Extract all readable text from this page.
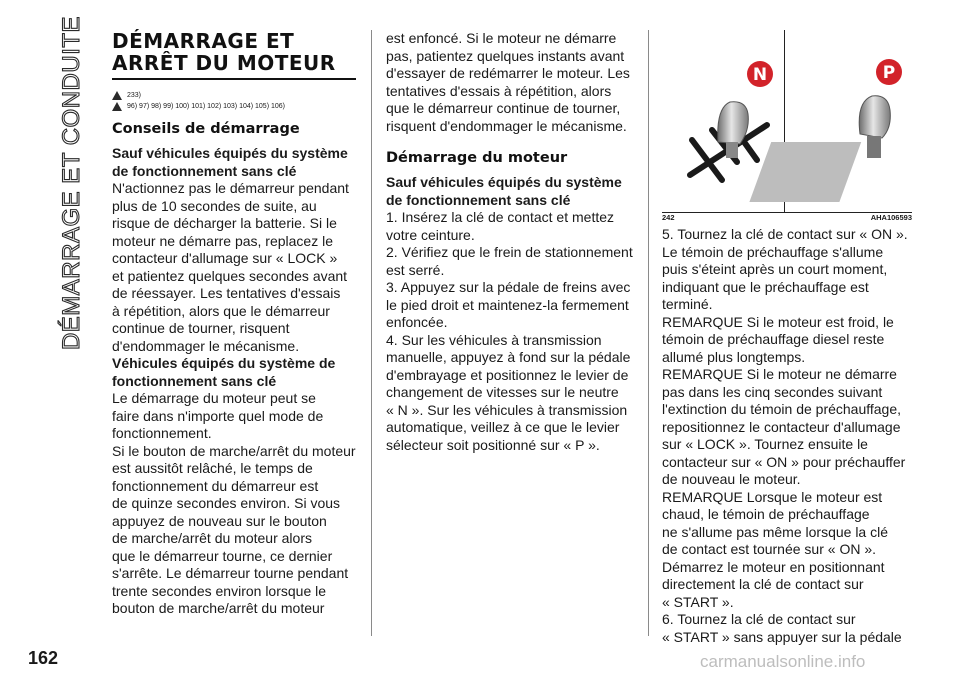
DÉMARRAGE ET CONDUITE DÉMARRAGE ET
ARRÊT DU MOTEUR
233)
96) 97) 98) 99) 100) 101) 102) 103) 104) 105) 106)
Conseils de démarrage
Sauf véhicules équipés du système
de fonctionnement sans clé

N'actionnez pas le démarreur pendant
plus de 10 secondes de suite, au
risque de décharger la batterie. Si le
moteur ne démarre pas, replacez le
contacteur d'allumage sur « LOCK »
et patientez quelques secondes avant
de réessayer. Les tentatives d'essais
à répétition, alors que le démarreur
continue de tourner, risquent
d'endommager le mécanisme.

Véhicules équipés du système de
fonctionnement sans clé

Le démarrage du moteur peut se
faire dans n'importe quel mode de
fonctionnement.

Si le bouton de marche/arrêt du moteur
est aussitôt relâché, le temps de
fonctionnement du démarreur est
de quinze secondes environ. Si vous
appuyez de nouveau sur le bouton
de marche/arrêt du moteur alors
que le démarreur tourne, ce dernier
s'arrête. Le démarreur tourne pendant
trente secondes environ lorsque le
bouton de marche/arrêt du moteur

est enfoncé. Si le moteur ne démarre
pas, patientez quelques instants avant
d'essayer de redémarrer le moteur. Les
tentatives d'essais à répétition, alors
que le démarreur continue de tourner,
risquent d'endommager le mécanisme.

Démarrage du moteur
Sauf véhicules équipés du système
de fonctionnement sans clé

1. Insérez la clé de contact et mettez
votre ceinture.

2. Vérifiez que le frein de stationnement
est serré.

3. Appuyez sur la pédale de freins avec
le pied droit et maintenez-la fermement
enfoncée.

4. Sur les véhicules à transmission
manuelle, appuyez à fond sur la pédale
d'embrayage et positionnez le levier de
changement de vitesses sur le neutre
« N ». Sur les véhicules à transmission
automatique, veillez à ce que le levier
sélecteur soit positionné sur « P ».

N	P
242	AHA106593

5. Tournez la clé de contact sur « ON ».
Le témoin de préchauffage s'allume
puis s'éteint après un court moment,
indiquant que le préchauffage est
terminé.

REMARQUE Si le moteur est froid, le
témoin de préchauffage diesel reste
allumé plus longtemps.

REMARQUE Si le moteur ne démarre
pas dans les cinq secondes suivant
l'extinction du témoin de préchauffage,
repositionnez le contacteur d'allumage
sur « LOCK ». Tournez ensuite le
contacteur sur « ON » pour préchauffer
de nouveau le moteur.

REMARQUE Lorsque le moteur est
chaud, le témoin de préchauffage
ne s'allume pas même lorsque la clé
de contact est tournée sur « ON ».
Démarrez le moteur en positionnant
directement la clé de contact sur
« START ».

6. Tournez la clé de contact sur
« START » sans appuyer sur la pédale

162	carmanualsonline.info
